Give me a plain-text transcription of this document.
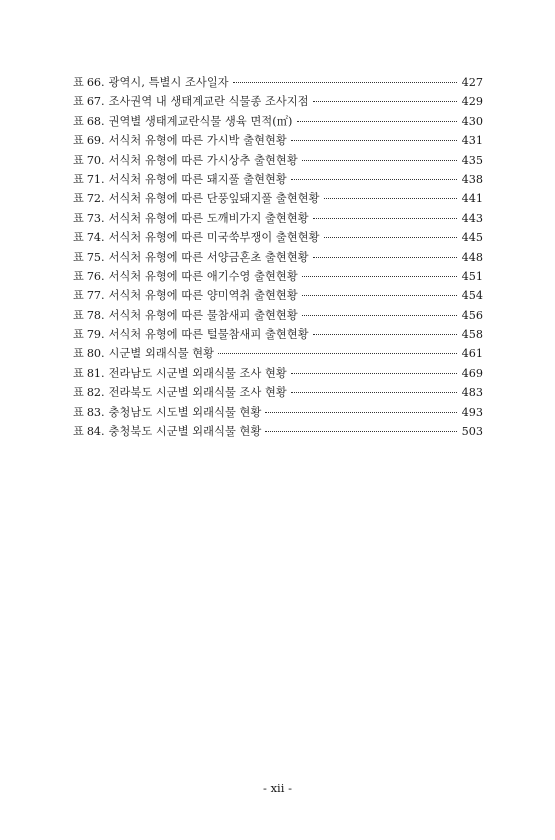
표 66. 광역시, 특별시 조사일자	427
표 67. 조사권역 내 생태계교란 식물종 조사지점	429
표 68. 권역별 생태계교란식물 생육 면적(㎡)	430
표 69. 서식처 유형에 따른 가시박 출현현황	431
표 70. 서식처 유형에 따른 가시상추 출현현황	435
표 71. 서식처 유형에 따른 돼지풀 출현현황	438
표 72. 서식처 유형에 따른 단풍잎돼지풀 출현현황	441
표 73. 서식처 유형에 따른 도깨비가지 출현현황	443
표 74. 서식처 유형에 따른 미국쑥부쟁이 출현현황	445
표 75. 서식처 유형에 따른 서양금혼초 출현현황	448
표 76. 서식처 유형에 따른 애기수영 출현현황	451
표 77. 서식처 유형에 따른 양미역취 출현현황	454
표 78. 서식처 유형에 따른 물참새피 출현현황	456
표 79. 서식처 유형에 따른 털물참새피 출현현황	458
표 80. 시군별 외래식물 현황	461
표 81. 전라남도 시군별 외래식물 조사 현황	469
표 82. 전라북도 시군별 외래식물 조사 현황	483
표 83. 충청남도 시도별 외래식물 현황	493
표 84. 충청북도 시군별 외래식물 현황	503
- xii -
